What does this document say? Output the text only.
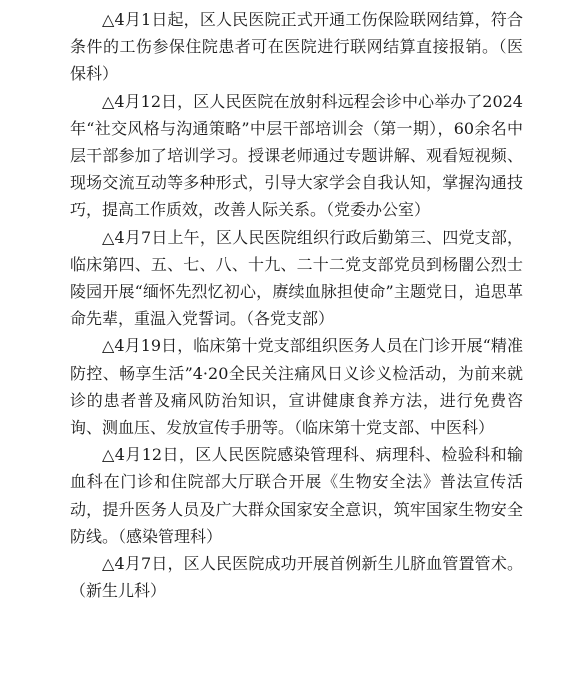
△4月1日起，区人民医院正式开通工伤保险联网结算，符合条件的工伤参保住院患者可在医院进行联网结算直接报销。（医保科）

△4月12日，区人民医院在放射科远程会诊中心举办了2024年“社交风格与沟通策略”中层干部培训会（第一期），60余名中层干部参加了培训学习。授课老师通过专题讲解、观看短视频、现场交流互动等多种形式，引导大家学会自我认知，掌握沟通技巧，提高工作质效，改善人际关系。（党委办公室）

△4月7日上午，区人民医院组织行政后勤第三、四党支部，临床第四、五、七、八、十九、二十二党支部党员到杨闇公烈士陵园开展“缅怀先烈忆初心，赓续血脉担使命”主题党日，追思革命先辈，重温入党誓词。（各党支部）

△4月19日，临床第十党支部组织医务人员在门诊开展“精准防控、畅享生活”4·20全民关注痛风日义诊义检活动，为前来就诊的患者普及痛风防治知识，宣讲健康食养方法，进行免费咨询、测血压、发放宣传手册等。（临床第十党支部、中医科）

△4月12日，区人民医院感染管理科、病理科、检验科和输血科在门诊和住院部大厅联合开展《生物安全法》普法宣传活动，提升医务人员及广大群众国家安全意识，筑牢国家生物安全防线。（感染管理科）

△4月7日，区人民医院成功开展首例新生儿脐血管置管术。（新生儿科）
